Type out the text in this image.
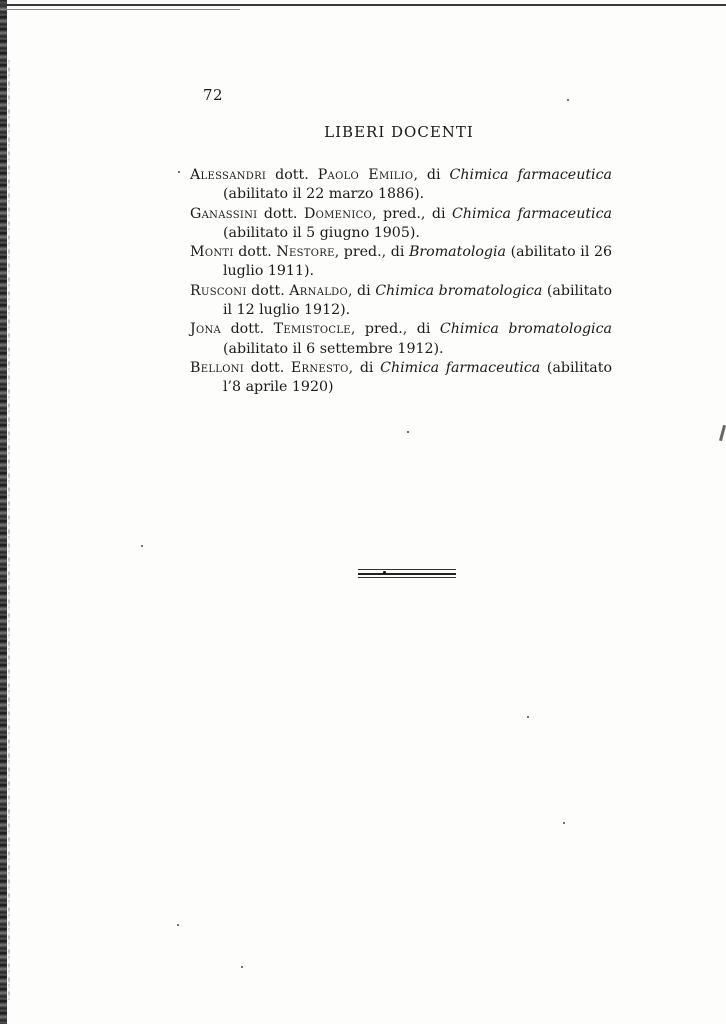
72
LIBERI DOCENTI
Alessandri dott. Paolo Emilio, di Chimica farmaceutica (abilitato il 22 marzo 1886).
Ganassini dott. Domenico, pred., di Chimica farmaceutica (abilitato il 5 giugno 1905).
Monti dott. Nestore, pred., di Bromatologia (abilitato il 26 luglio 1911).
Rusconi dott. Arnaldo, di Chimica bromatologica (abilitato il 12 luglio 1912).
Jona dott. Temistocle, pred., di Chimica bromatologica (abilitato il 6 settembre 1912).
Belloni dott. Ernesto, di Chimica farmaceutica (abilitato l’8 aprile 1920)
